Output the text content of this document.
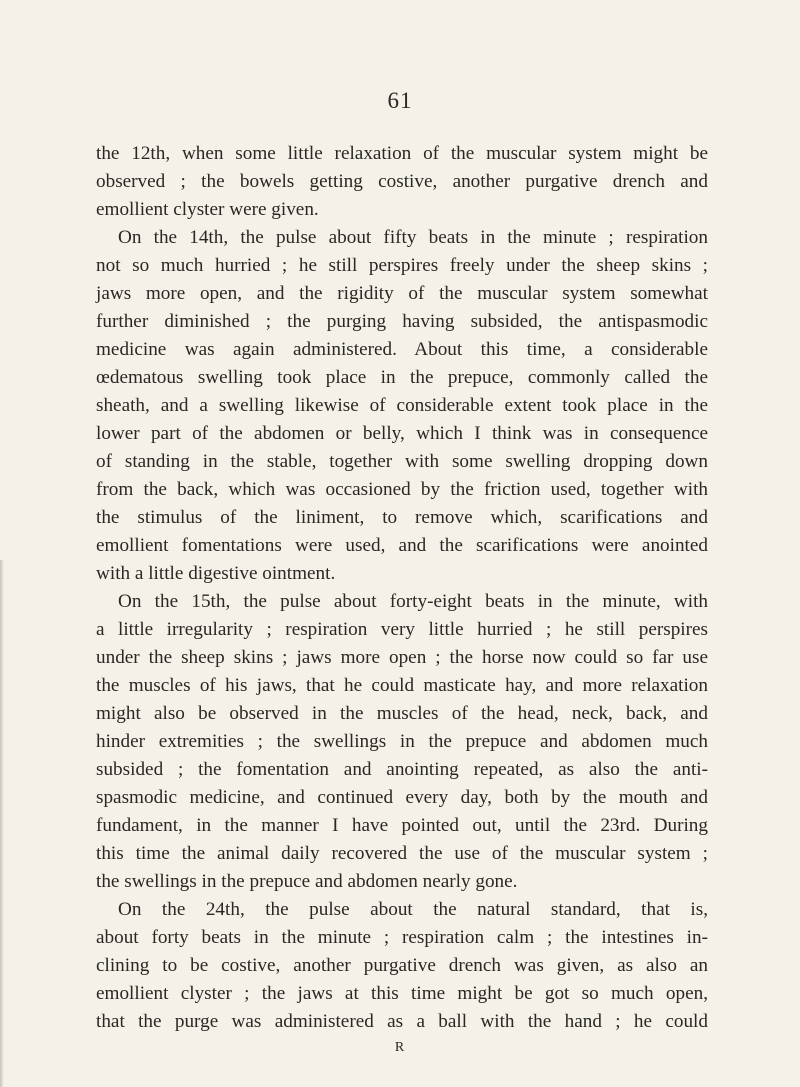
61
the 12th, when some little relaxation of the muscular system might be
observed ; the bowels getting costive, another purgative drench and
emollient clyster were given.
On the 14th, the pulse about fifty beats in the minute ; respiration
not so much hurried ; he still perspires freely under the sheep skins ;
jaws more open, and the rigidity of the muscular system somewhat
further diminished ; the purging having subsided, the antispasmodic
medicine was again administered. About this time, a considerable
œdematous swelling took place in the prepuce, commonly called the
sheath, and a swelling likewise of considerable extent took place in the
lower part of the abdomen or belly, which I think was in consequence
of standing in the stable, together with some swelling dropping down
from the back, which was occasioned by the friction used, together with
the stimulus of the liniment, to remove which, scarifications and
emollient fomentations were used, and the scarifications were anointed
with a little digestive ointment.
On the 15th, the pulse about forty-eight beats in the minute, with
a little irregularity ; respiration very little hurried ; he still perspires
under the sheep skins ; jaws more open ; the horse now could so far use
the muscles of his jaws, that he could masticate hay, and more relaxation
might also be observed in the muscles of the head, neck, back, and
hinder extremities ; the swellings in the prepuce and abdomen much
subsided ; the fomentation and anointing repeated, as also the anti-
spasmodic medicine, and continued every day, both by the mouth and
fundament, in the manner I have pointed out, until the 23rd. During
this time the animal daily recovered the use of the muscular system ;
the swellings in the prepuce and abdomen nearly gone.
On the 24th, the pulse about the natural standard, that is,
about forty beats in the minute ; respiration calm ; the intestines in-
clining to be costive, another purgative drench was given, as also an
emollient clyster ; the jaws at this time might be got so much open,
that the purge was administered as a ball with the hand ; he could
R
